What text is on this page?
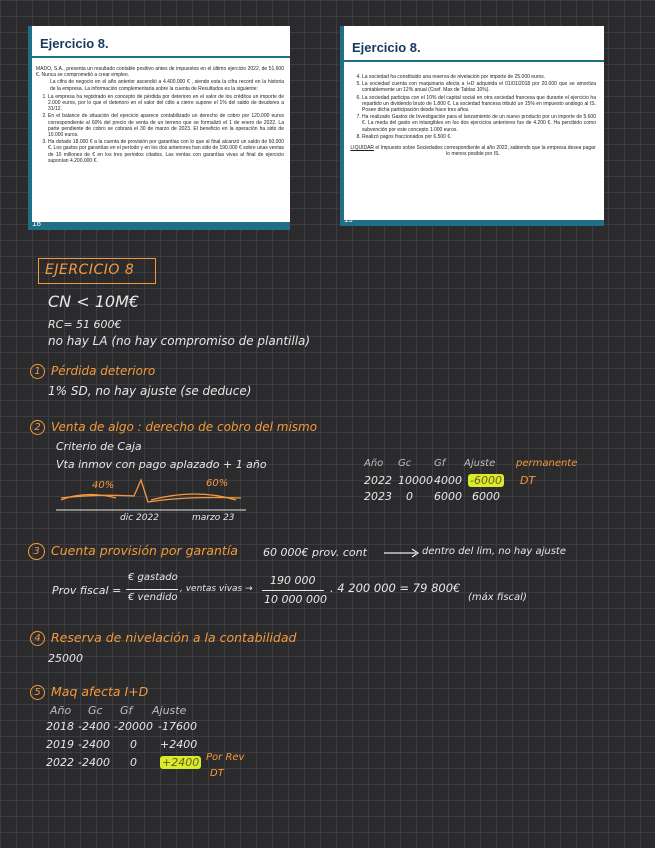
Ejercicio 8.

MADO, S.A., presenta un resultado contable positivo antes de impuestos en el último ejercicio 2022, de 51.600 €. Nunca se comprometió a crear empleo.

La cifra de negocio en el año anterior ascendió a 4.400.000 € , siendo esta la cifra record en la historia de la empresa. La información complementaria sobre la cuenta de Resultados es la siguiente:

1. La empresa ha registrado en concepto de pérdida por deterioro en el valor de los créditos un importe de 2.000 euros, por lo que el deterioro en el valor del cdto a cierre supone el 1% del saldo de deudores a 31/12.
2. En el balance de situación del ejercicio aparece contabilizado un derecho de cobro por 120.000 euros correspondiente al 60% del precio de venta de un terreno que se formalizó el 1 de enero de 2022. La parte pendiente de cobro se cobrará el 30 de marzo de 2023. El beneficio en la operación ha sido de 10.000 euros.
3. Ha dotado 18.000 € a la cuenta de provisión por garantías con lo que al final alcanzó un saldo de 60.000 €. Los gastos por garantías en el período y en los dos anteriores han sido de 190.000 € sobre unas ventas de 10 millones de € en los tres periodos citados. Las ventas con garantías vivas al final de ejercicio suponían 4.200.000 €.
18
Ejercicio 8.
4. La sociedad ha constituido una reserva de nivelación por importe de 25.000 euros.
5. La sociedad cuenta con maquinaria afecta a I+D adquirida el 01/01/2018 por 20.000 que se amortiza contablemente un 12% anual (Coef. Max de Tablas 10%).
6. La sociedad participa con el 10% del capital social en otra sociedad francesa que durante el ejercicio ha repartido un dividendo bruto de 1.800 €. La sociedad francesa tributó un 15% en impuesto análogo al IS. Posee dicha participación desde hace tres años.
7. Ha realizado Gastos de Investigación para el lanzamiento de un nuevo producto por un importe de 5.600 €. La meda del gasto en intangibles en los dos ejercicios anteriores fue de 4.200 €. Ha percibido como subvención por este concepto 1.000 euros.
8. Realizó pagos fraccionados por 6.500 €.

LIQUIDAR el Impuesto sobre Sociedades correspondiente al año 2022, sabiendo que la empresa desea pagar lo menos posible por IS.

19
EJERCICIO 8
CN < 10M€
RC= 51 600€
no hay LA (no hay compromiso de plantilla)
1 Pérdida deterioro
1% SD, no hay ajuste (se deduce)
2 Venta de algo : derecho de cobro del mismo
Criterio de Caja
Vta inmov con pago aplazado + 1 año
40%	60%
dic 2022	marzo 23
Año Gc Gf Ajuste permanente
2022 10000 4000 -6000 DT
2023 0 6000 6000
3 Cuenta provisión por garantía 60 000€ prov. cont	dentro del lim, no hay ajuste
Prov fiscal =
€ gastado
€ vendido
, ventas vivas →
190 000
10 000 000
. 4 200 000 = 79 800€
(máx fiscal)
4 Reserva de nivelación a la contabilidad
25000
5 Maq afecta I+D
Año Gc Gf Ajuste
2018 -2400 -20000 -17600
2019 -2400 0 +2400
2022 -2400 0 +2400 Por Rev
DT
